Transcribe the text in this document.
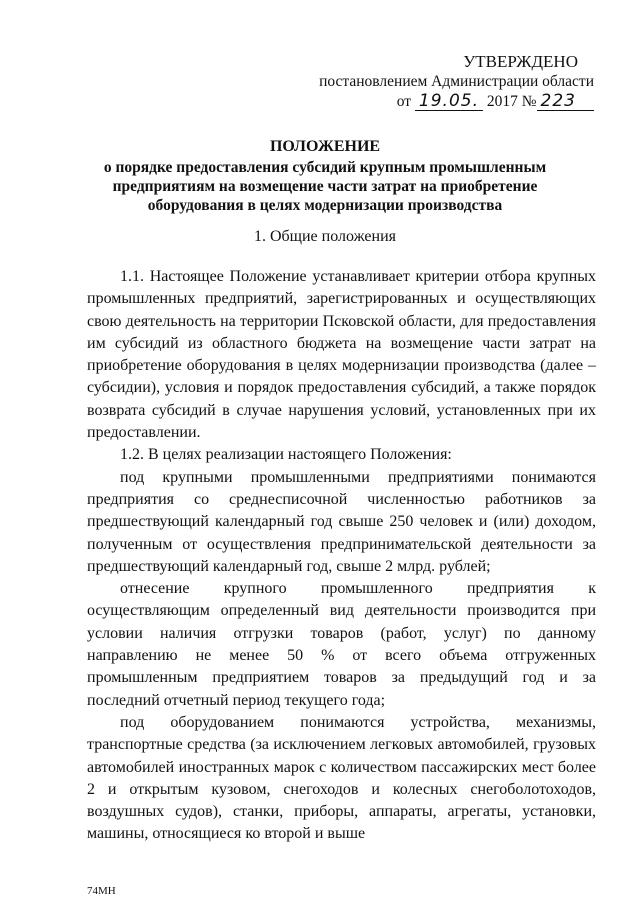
УТВЕРЖДЕНО
постановлением Администрации области
от 19.05. 2017 № 223
ПОЛОЖЕНИЕ
о порядке предоставления субсидий крупным промышленным
предприятиям на возмещение части затрат на приобретение
оборудования в целях модернизации производства
1. Общие положения

1.1. Настоящее Положение устанавливает критерии отбора крупных промышленных предприятий, зарегистрированных и осуществляющих свою деятельность на территории Псковской области, для предоставления им субсидий из областного бюджета на возмещение части затрат на приобретение оборудования в целях модернизации производства (далее – субсидии), условия и порядок предоставления субсидий, а также порядок возврата субсидий в случае нарушения условий, установленных при их предоставлении.

1.2. В целях реализации настоящего Положения:

под крупными промышленными предприятиями понимаются предприятия со среднесписочной численностью работников за предшествующий календарный год свыше 250 человек и (или) доходом, полученным от осуществления предпринимательской деятельности за предшествующий календарный год, свыше 2 млрд. рублей;

отнесение крупного промышленного предприятия к осуществляющим определенный вид деятельности производится при условии наличия отгрузки товаров (работ, услуг) по данному направлению не менее 50 % от всего объема отгруженных промышленным предприятием товаров за предыдущий год и за последний отчетный период текущего года;

под оборудованием понимаются устройства, механизмы, транспортные средства (за исключением легковых автомобилей, грузовых автомобилей иностранных марок с количеством пассажирских мест более 2 и открытым кузовом, снегоходов и колесных снегоболотоходов, воздушных судов), станки, приборы, аппараты, агрегаты, установки, машины, относящиеся ко второй и выше

74МН
